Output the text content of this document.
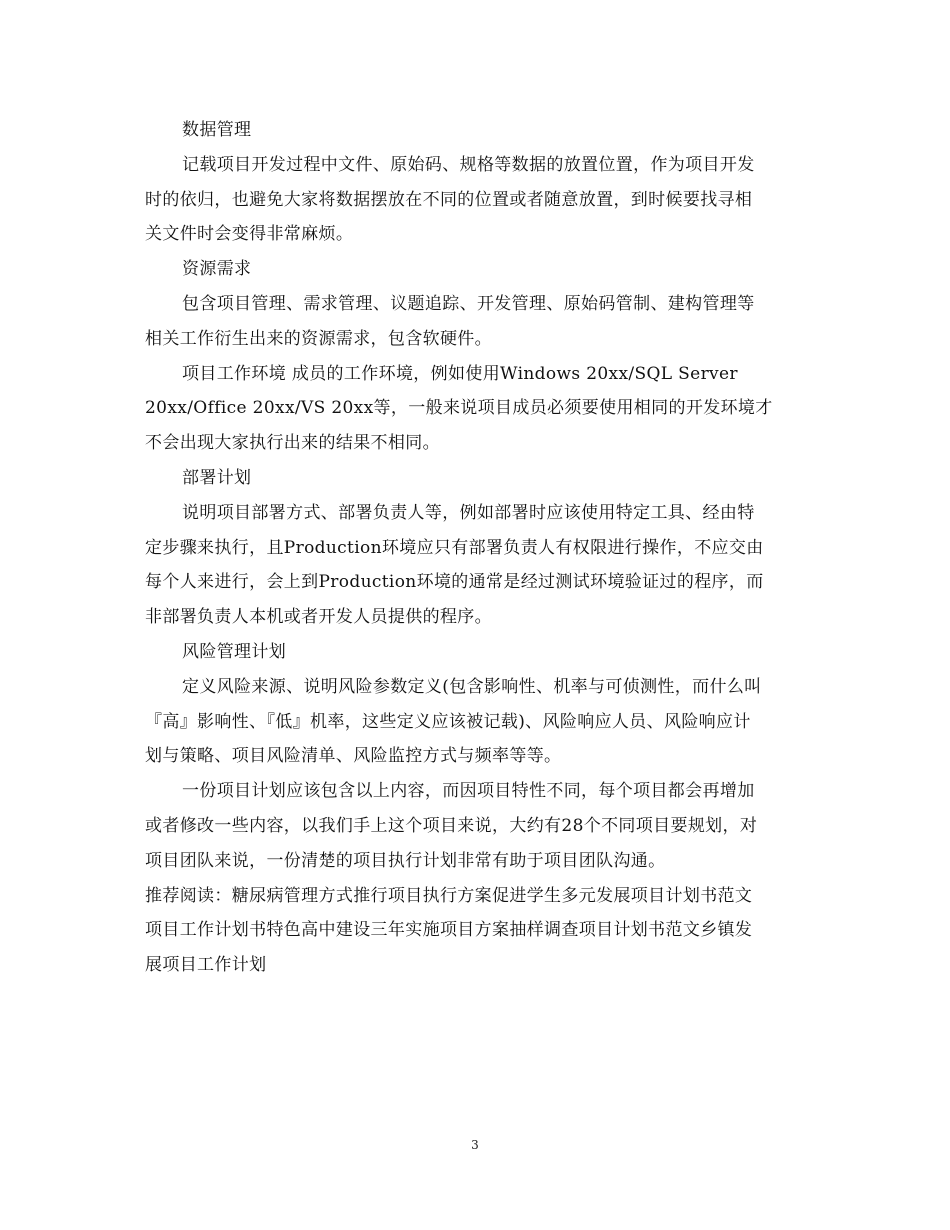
数据管理
记载项目开发过程中文件、原始码、规格等数据的放置位置，作为项目开发
时的依归，也避免大家将数据摆放在不同的位置或者随意放置，到时候要找寻相
关文件时会变得非常麻烦。
资源需求
包含项目管理、需求管理、议题追踪、开发管理、原始码管制、建构管理等
相关工作衍生出来的资源需求，包含软硬件。
项目工作环境 成员的工作环境，例如使用Windows 20xx/SQL Server
20xx/Office 20xx/VS 20xx等，一般来说项目成员必须要使用相同的开发环境才
不会出现大家执行出来的结果不相同。
部署计划
说明项目部署方式、部署负责人等，例如部署时应该使用特定工具、经由特
定步骤来执行，且Production环境应只有部署负责人有权限进行操作，不应交由
每个人来进行，会上到Production环境的通常是经过测试环境验证过的程序，而
非部署负责人本机或者开发人员提供的程序。
风险管理计划
定义风险来源、说明风险参数定义(包含影响性、机率与可侦测性，而什么叫
『高』影响性、『低』机率，这些定义应该被记载)、风险响应人员、风险响应计
划与策略、项目风险清单、风险监控方式与频率等等。
一份项目计划应该包含以上内容，而因项目特性不同，每个项目都会再增加
或者修改一些内容，以我们手上这个项目来说，大约有28个不同项目要规划，对
项目团队来说，一份清楚的项目执行计划非常有助于项目团队沟通。
推荐阅读：糖尿病管理方式推行项目执行方案促进学生多元发展项目计划书范文
项目工作计划书特色高中建设三年实施项目方案抽样调查项目计划书范文乡镇发
展项目工作计划
3
